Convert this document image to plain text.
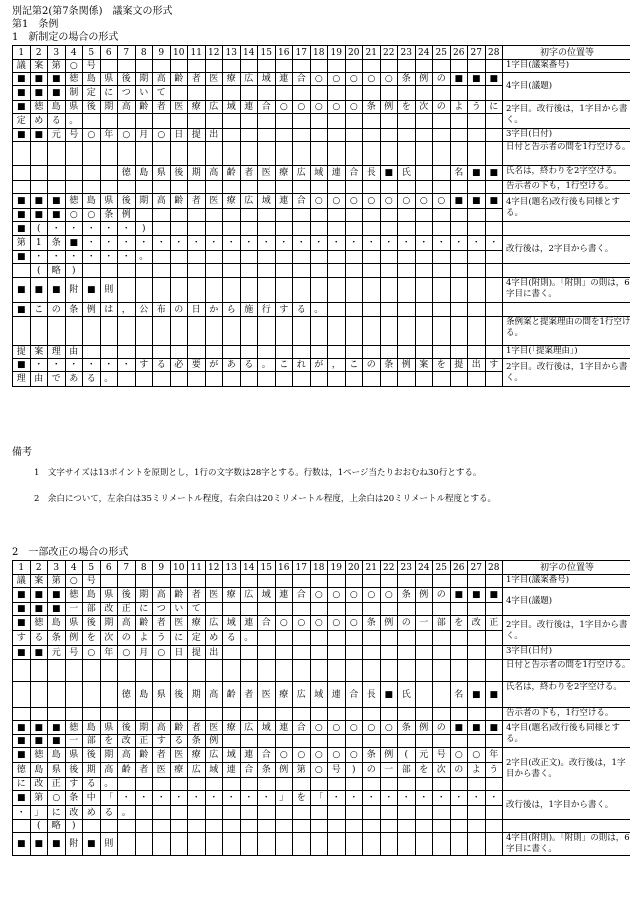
別記第2(第7条関係)　議案文の形式
第1　条例
1　新制定の場合の形式
1	2	3	4	5	6	7	8	9	10	11	12	13	14	15	16	17	18	19	20	21	22	23	24	25	26	27	28	初字の位置等
議	案	第	○	号																								1字目(議案番号)
■	■	■	徳	島	県	後	期	高	齢	者	医	療	広	域	連	合	○	○	○	○	○	条	例	の	■	■	■	4字目(議題)
■	■	■	制	定	に	つ	い	て																				
■	徳	島	県	後	期	高	齢	者	医	療	広	域	連	合	○	○	○	○	○	条	例	を	次	の	よ	う	に	2字目。改行後は，1字目から書く。
定	め	る	。																									
■	■	元	号	○	年	○	月	○	日	提	出																	3字目(日付)
																												日付と告示者の間を1行空ける。
						徳	島	県	後	期	高	齢	者	医	療	広	域	連	合	長	■	氏			名	■	■	氏名は，終わりを2字空ける。
																												告示者の下も，1行空ける。
■	■	■	徳	島	県	後	期	高	齢	者	医	療	広	域	連	合	○	○	○	○	○	○	○	○	■	■	■	4字目(題名)改行後も同様とする。
■	■	■	○	○	条	例																						
■	(	・	・	・	・	・	)																					
第	1	条	■	・	・	・	・	・	・	・	・	・	・	・	・	・	・	・	・	・	・	・	・	・	・	・	・	改行後は，2字目から書く。
■	・	・	・	・	・	・	。																					
	(	略	)																									
■	■	■	附	■	則																							4字目(附則)。「附則」の則は，6字目に書く。
■	こ	の	条	例	は	，	公	布	の	日	か	ら	施	行	す	る	。											
																												条例案と提案理由の間を1行空ける。
提	案	理	由																									1字目(「提案理由」)
■	・	・	・	・	・	・	す	る	必	要	が	あ	る	。	こ	れ	が	，	こ	の	条	例	案	を	提	出	す	2字目。改行後は，1字目から書く。
理	由	で	あ	る	。																							
備考
1　文字サイズは13ポイントを原則とし，1行の文字数は28字とする。行数は，1ページ当たりおおむね30行とする。
2　余白について，左余白は35ミリメートル程度，右余白は20ミリメートル程度，上余白は20ミリメートル程度とする。
2　一部改正の場合の形式
1	2	3	4	5	6	7	8	9	10	11	12	13	14	15	16	17	18	19	20	21	22	23	24	25	26	27	28	初字の位置等
議	案	第	○	号																								1字目(議案番号)
■	■	■	徳	島	県	後	期	高	齢	者	医	療	広	域	連	合	○	○	○	○	○	条	例	の	■	■	■	4字目(議題)
■	■	■	一	部	改	正	に	つ	い	て																		
■	徳	島	県	後	期	高	齢	者	医	療	広	域	連	合	○	○	○	○	○	条	例	の	一	部	を	改	正	2字目。改行後は，1字目から書く。
す	る	条	例	を	次	の	よ	う	に	定	め	る	。															
■	■	元	号	○	年	○	月	○	日	提	出																	3字目(日付)
																												日付と告示者の間を1行空ける。
						徳	島	県	後	期	高	齢	者	医	療	広	域	連	合	長	■	氏			名	■	■	氏名は，終わりを2字空ける。
																												告示者の下も，1行空ける。
■	■	■	徳	島	県	後	期	高	齢	者	医	療	広	域	連	合	○	○	○	○	○	条	例	の	■	■	■	4字目(題名)改行後も同様とする。
■	■	■	一	部	を	改	正	す	る	条	例																	
■	徳	島	県	後	期	高	齢	者	医	療	広	域	連	合	○	○	○	○	○	条	例	(	元	号	○	○	年	2字目(改正文)。改行後は，1字目から書く。
徳	島	県	後	期	高	齢	者	医	療	広	域	連	合	条	例	第	○	号	)	の	一	部	を	次	の	よ	う	
に	改	正	す	る	。																							
■	第	○	条	中	「	・	・	・	・	・	・	・	・	・	」	を	「	・	・	・	・	・	・	・	・	・	・	改行後は，1字目から書く。
・	」	に	改	め	る	。																						
	(	略	)																									
■	■	■	附	■	則																							4字目(附則)。「附則」の則は，6字目に書く。
